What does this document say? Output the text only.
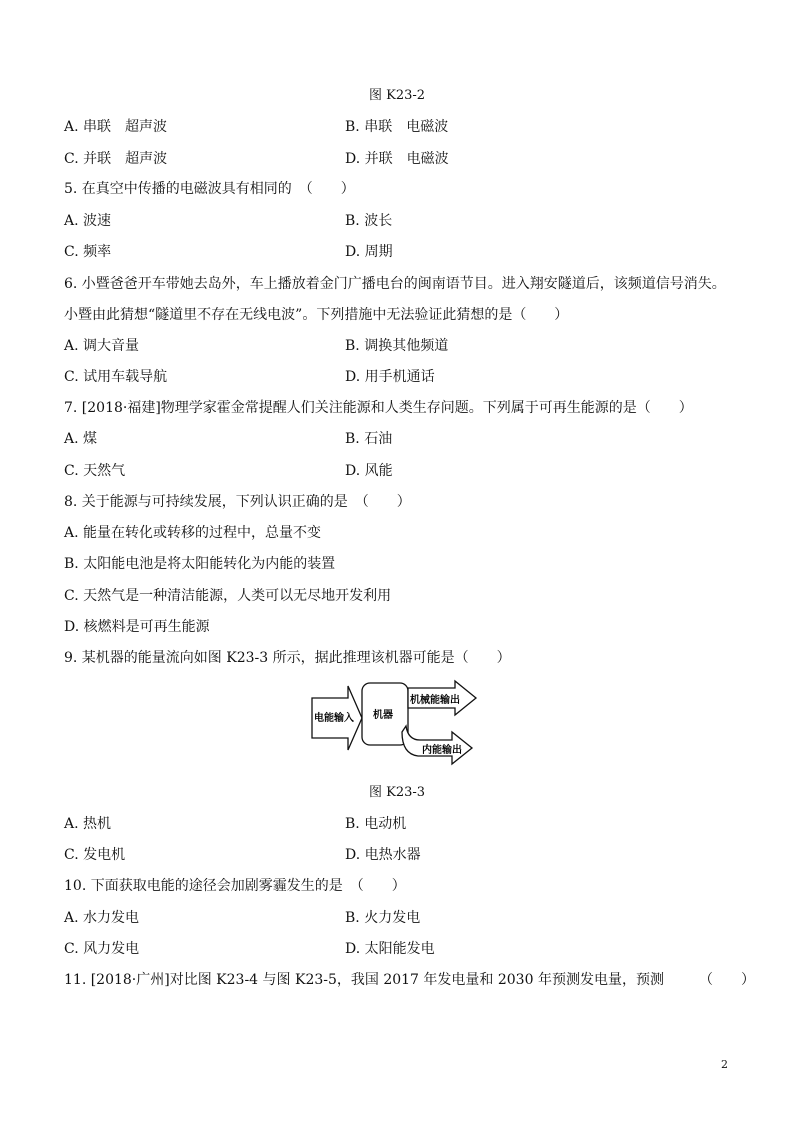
图 K23-2
A. 串联　超声波	B. 串联　电磁波
C. 并联　超声波	D. 并联　电磁波
5. 在真空中传播的电磁波具有相同的　（　　）
A. 波速	B. 波长
C. 频率	D. 周期
6. 小暨爸爸开车带她去岛外，车上播放着金门广播电台的闽南语节目。进入翔安隧道后，该频道信号消失。
小暨由此猜想“隧道里不存在无线电波”。下列措施中无法验证此猜想的是（　　）
A. 调大音量	B. 调换其他频道
C. 试用车载导航	D. 用手机通话
7. [2018·福建]物理学家霍金常提醒人们关注能源和人类生存问题。下列属于可再生能源的是（　　）
A. 煤	B. 石油
C. 天然气	D. 风能
8. 关于能源与可持续发展，下列认识正确的是　（　　）
A. 能量在转化或转移的过程中，总量不变
B. 太阳能电池是将太阳能转化为内能的装置
C. 天然气是一种清洁能源，人类可以无尽地开发利用
D. 核燃料是可再生能源
9. 某机器的能量流向如图 K23-3 所示，据此推理该机器可能是（　　）
电能输入 机器
机械能输出
内能输出
图 K23-3
A. 热机	B. 电动机
C. 发电机	D. 电热水器
10. 下面获取电能的途径会加剧雾霾发生的是　（　　）
A. 水力发电	B. 火力发电
C. 风力发电	D. 太阳能发电
11. [2018·广州]对比图 K23-4 与图 K23-5，我国 2017 年发电量和 2030 年预测发电量，预测　　　（　　）
2
